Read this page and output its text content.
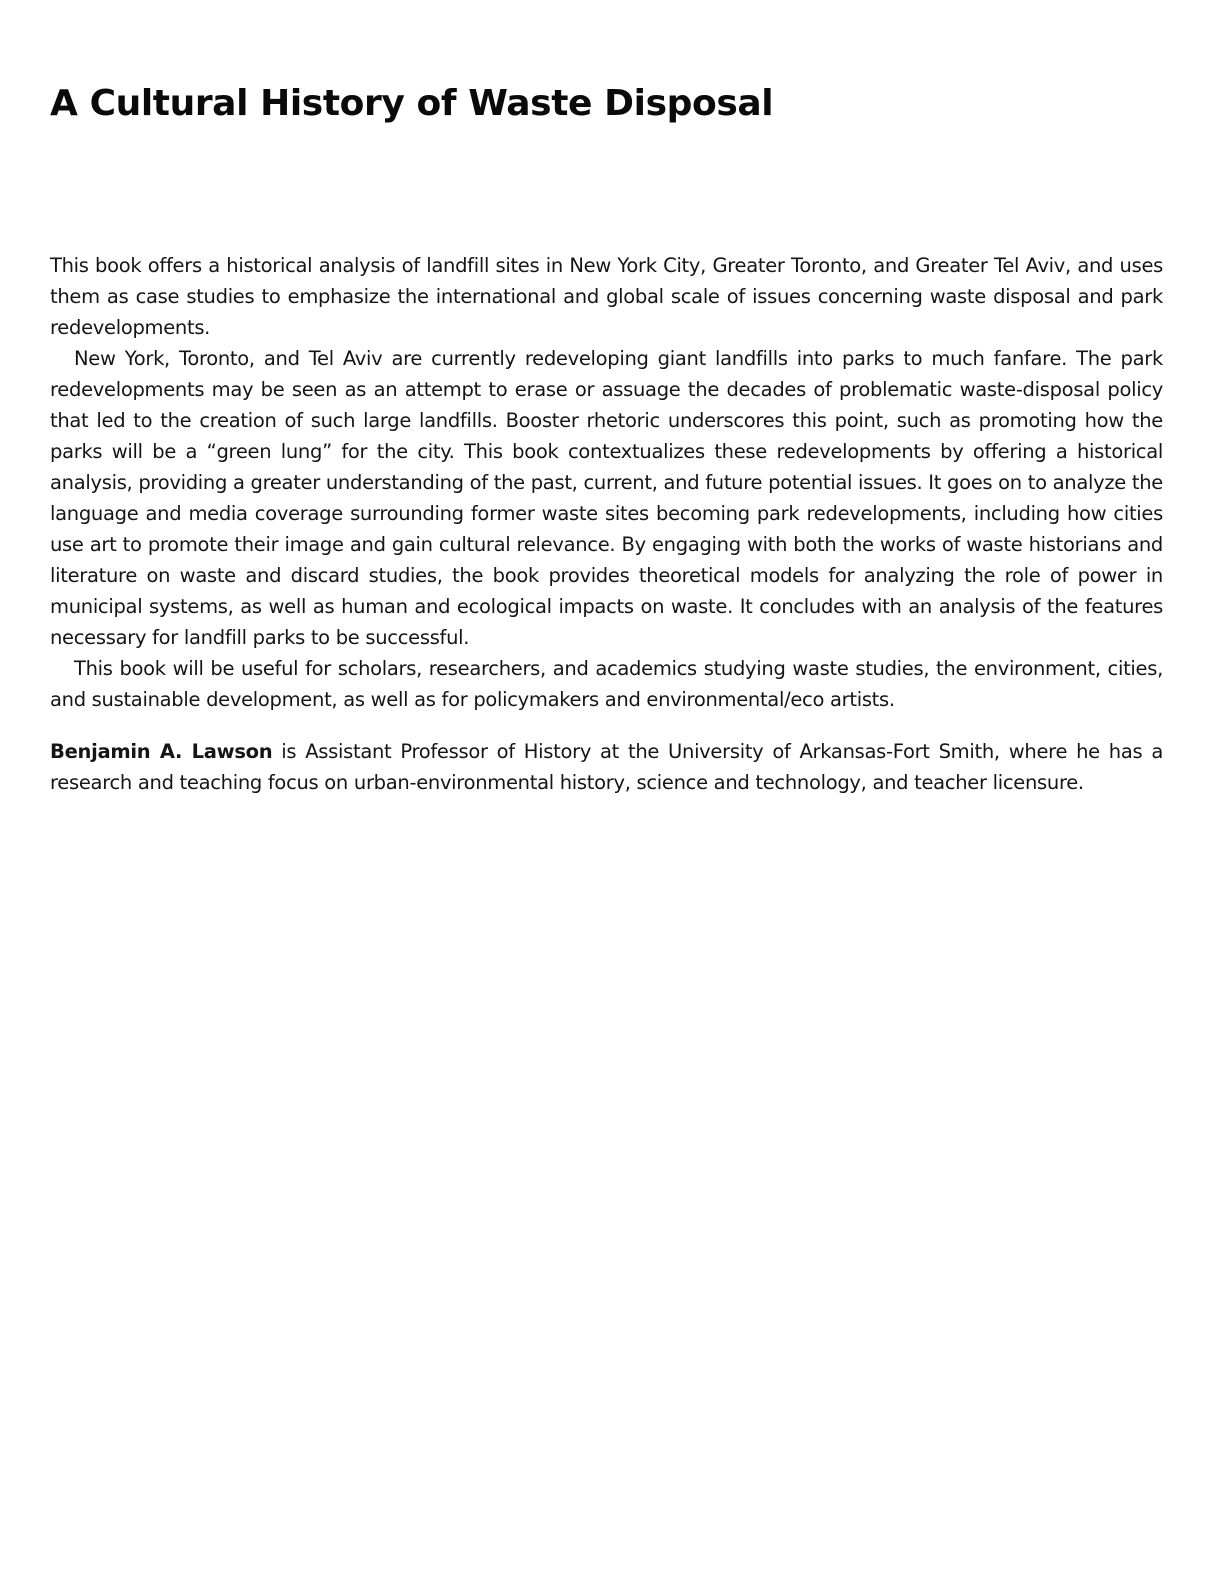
A Cultural History of Waste Disposal

This book offers a historical analysis of landfill sites in New York City, Greater Toronto, and Greater Tel Aviv, and uses them as case studies to emphasize the international and global scale of issues concerning waste disposal and park redevelopments.

New York, Toronto, and Tel Aviv are currently redeveloping giant landfills into parks to much fanfare. The park redevelopments may be seen as an attempt to erase or assuage the decades of problematic waste-disposal policy that led to the creation of such large landfills. Booster rhetoric underscores this point, such as promoting how the parks will be a “green lung” for the city. This book contextualizes these redevelopments by offering a historical analysis, providing a greater understanding of the past, current, and future potential issues. It goes on to analyze the language and media coverage surrounding former waste sites becoming park redevelopments, including how cities use art to promote their image and gain cultural relevance. By engaging with both the works of waste historians and literature on waste and discard studies, the book provides theoretical models for analyzing the role of power in municipal systems, as well as human and ecological impacts on waste. It concludes with an analysis of the features necessary for landfill parks to be successful.

This book will be useful for scholars, researchers, and academics studying waste studies, the environment, cities, and sustainable development, as well as for policymakers and environmental/eco artists.

Benjamin A. Lawson is Assistant Professor of History at the University of Arkansas-Fort Smith, where he has a research and teaching focus on urban-environmental history, science and technology, and teacher licensure.
